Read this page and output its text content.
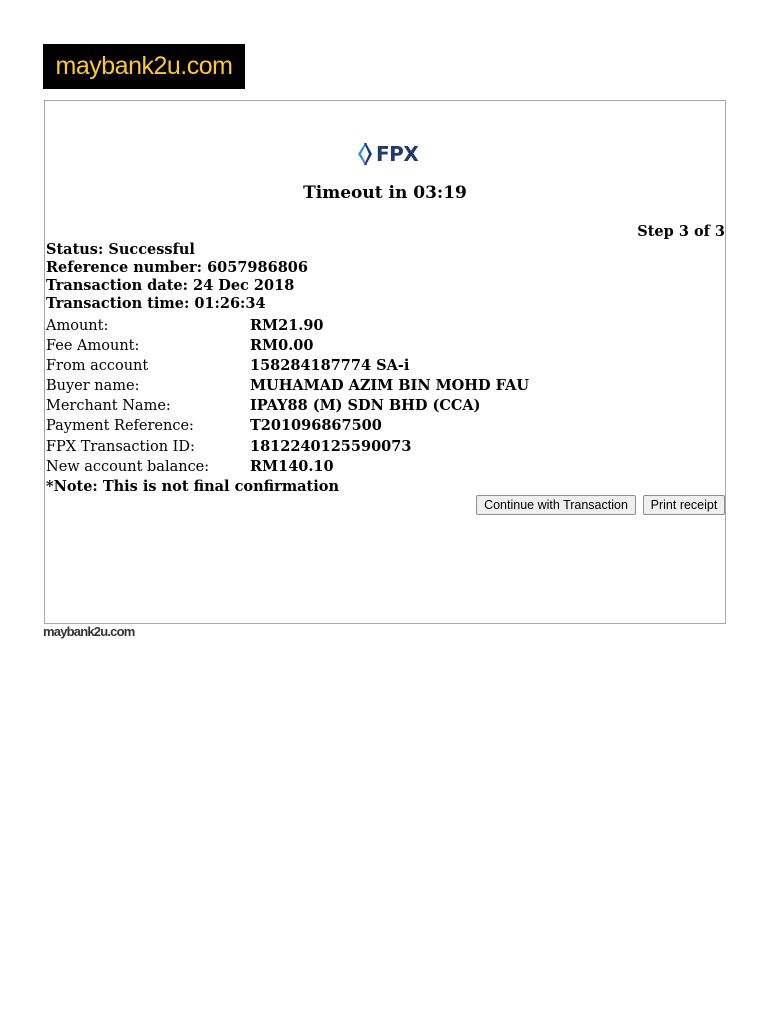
maybank2u.com
FPX
Timeout in 03:19
Step 3 of 3
Status: Successful
Reference number: 6057986806
Transaction date: 24 Dec 2018
Transaction time: 01:26:34
Amount:	RM21.90
Fee Amount:	RM0.00
From account	158284187774 SA-i
Buyer name:	MUHAMAD AZIM BIN MOHD FAU
Merchant Name:	IPAY88 (M) SDN BHD (CCA)
Payment Reference:	T201096867500
FPX Transaction ID:	1812240125590073
New account balance:	RM140.10
*Note: This is not final confirmation
Continue with Transaction	Print receipt
maybank2u.com
